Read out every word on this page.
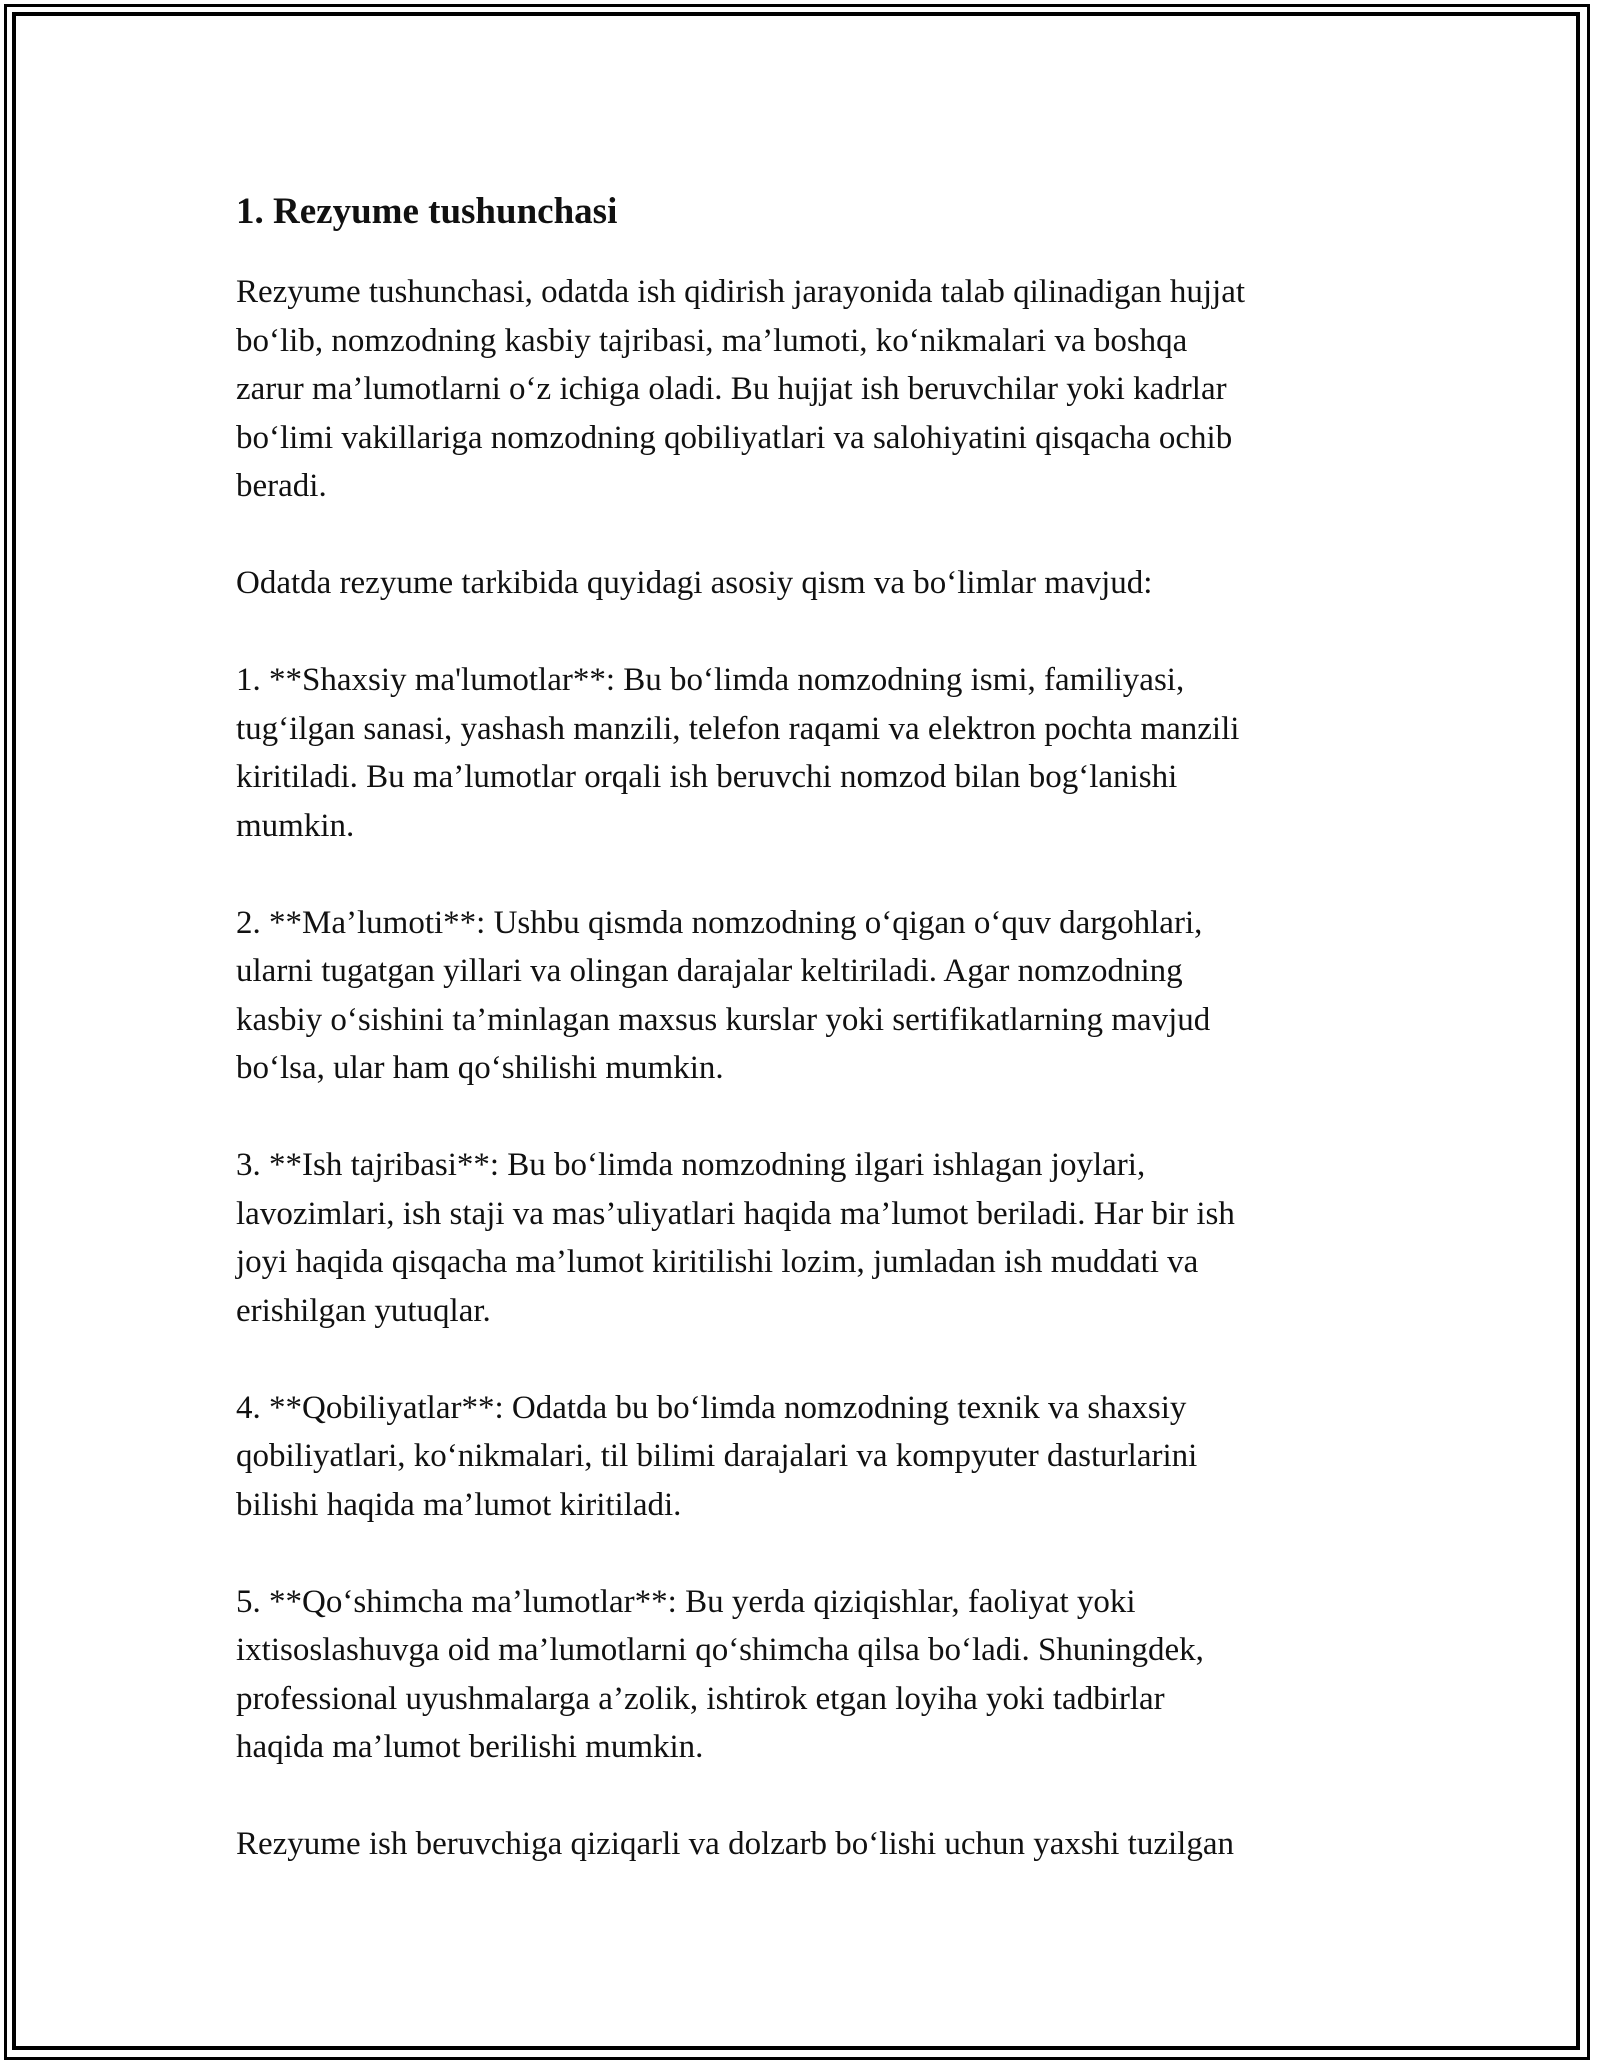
1. Rezyume tushunchasi
Rezyume tushunchasi, odatda ish qidirish jarayonida talab qilinadigan hujjat
bo‘lib, nomzodning kasbiy tajribasi, ma’lumoti, ko‘nikmalari va boshqa
zarur ma’lumotlarni o‘z ichiga oladi. Bu hujjat ish beruvchilar yoki kadrlar
bo‘limi vakillariga nomzodning qobiliyatlari va salohiyatini qisqacha ochib
beradi.
Odatda rezyume tarkibida quyidagi asosiy qism va bo‘limlar mavjud:
1. **Shaxsiy ma'lumotlar**: Bu bo‘limda nomzodning ismi, familiyasi,
tug‘ilgan sanasi, yashash manzili, telefon raqami va elektron pochta manzili
kiritiladi. Bu ma’lumotlar orqali ish beruvchi nomzod bilan bog‘lanishi
mumkin.
2. **Ma’lumoti**: Ushbu qismda nomzodning o‘qigan o‘quv dargohlari,
ularni tugatgan yillari va olingan darajalar keltiriladi. Agar nomzodning
kasbiy o‘sishini ta’minlagan maxsus kurslar yoki sertifikatlarning mavjud
bo‘lsa, ular ham qo‘shilishi mumkin.
3. **Ish tajribasi**: Bu bo‘limda nomzodning ilgari ishlagan joylari,
lavozimlari, ish staji va mas’uliyatlari haqida ma’lumot beriladi. Har bir ish
joyi haqida qisqacha ma’lumot kiritilishi lozim, jumladan ish muddati va
erishilgan yutuqlar.
4. **Qobiliyatlar**: Odatda bu bo‘limda nomzodning texnik va shaxsiy
qobiliyatlari, ko‘nikmalari, til bilimi darajalari va kompyuter dasturlarini
bilishi haqida ma’lumot kiritiladi.
5. **Qo‘shimcha ma’lumotlar**: Bu yerda qiziqishlar, faoliyat yoki
ixtisoslashuvga oid ma’lumotlarni qo‘shimcha qilsa bo‘ladi. Shuningdek,
professional uyushmalarga a’zolik, ishtirok etgan loyiha yoki tadbirlar
haqida ma’lumot berilishi mumkin.
Rezyume ish beruvchiga qiziqarli va dolzarb bo‘lishi uchun yaxshi tuzilgan
